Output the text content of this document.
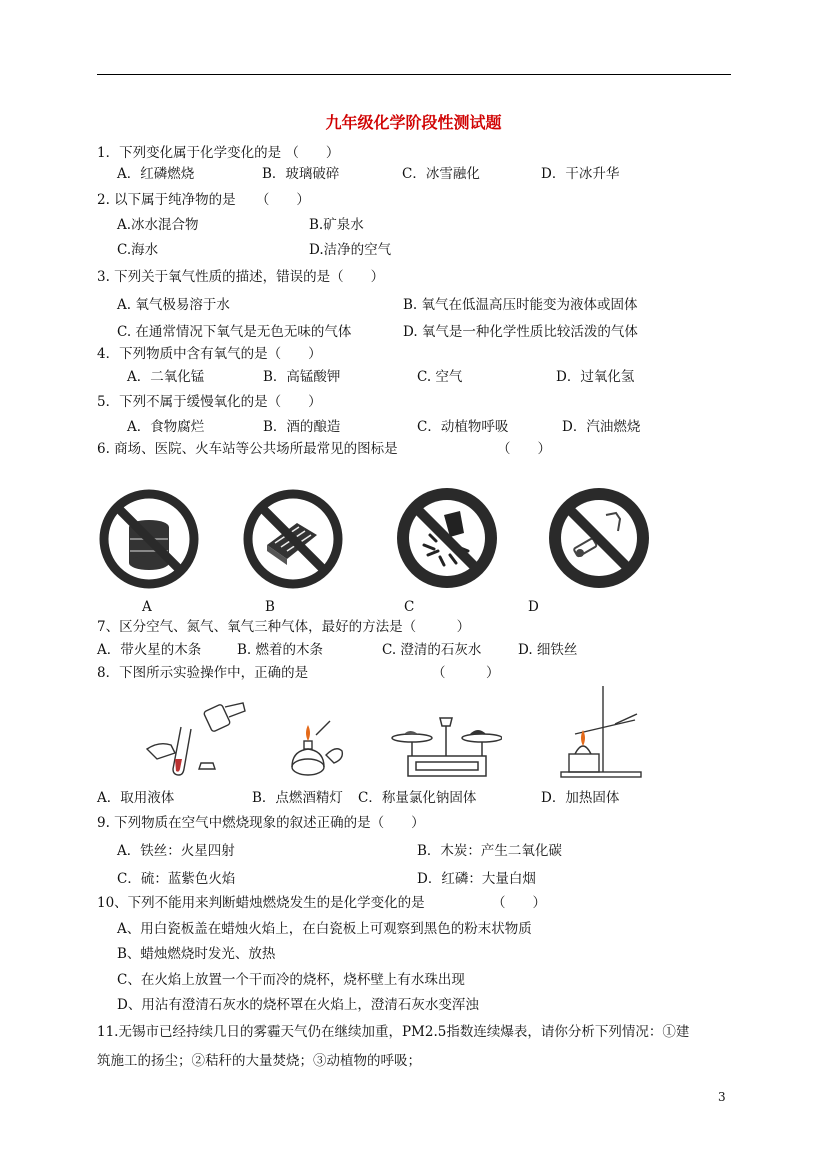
九年级化学阶段性测试题
1．下列变化属于化学变化的是 （　　）
A．红磷燃烧	B．玻璃破碎	C．冰雪融化	D．干冰升华
2. 以下属于纯净物的是　　（　　）
A.冰水混合物	B.矿泉水
C.海水	D.洁净的空气
3. 下列关于氧气性质的描述，错误的是（　　）
A. 氧气极易溶于水	B. 氧气在低温高压时能变为液体或固体
C. 在通常情况下氧气是无色无味的气体	D. 氧气是一种化学性质比较活泼的气体
4．下列物质中含有氧气的是（　　）
A．二氧化锰	B．高锰酸钾	C. 空气	D．过氧化氢
5．下列不属于缓慢氧化的是（　　）
A．食物腐烂	B．酒的酿造	C．动植物呼吸	D．汽油燃烧
6. 商场、医院、火车站等公共场所最常见的图标是	（　　）
A	B	C	D
7、区分空气、氮气、氧气三种气体，最好的方法是（　　　）
A．带火星的木条	B. 燃着的木条	C. 澄清的石灰水	D. 细铁丝
8．下图所示实验操作中，正确的是	（　　　）
A．取用液体	B．点燃酒精灯 C．称量氯化钠固体	D．加热固体
9. 下列物质在空气中燃烧现象的叙述正确的是（　　）
A．铁丝：火星四射	B．木炭：产生二氧化碳
C．硫：蓝紫色火焰	D．红磷：大量白烟
10、下列不能用来判断蜡烛燃烧发生的是化学变化的是	（　　）
A、用白瓷板盖在蜡烛火焰上，在白瓷板上可观察到黑色的粉末状物质
B、蜡烛燃烧时发光、放热
C、在火焰上放置一个干而冷的烧杯，烧杯壁上有水珠出现
D、用沾有澄清石灰水的烧杯罩在火焰上，澄清石灰水变浑浊
11.无锡市已经持续几日的雾霾天气仍在继续加重，PM2.5指数连续爆表，请你分析下列情况：①建
筑施工的扬尘；②秸秆的大量焚烧；③动植物的呼吸；
3
